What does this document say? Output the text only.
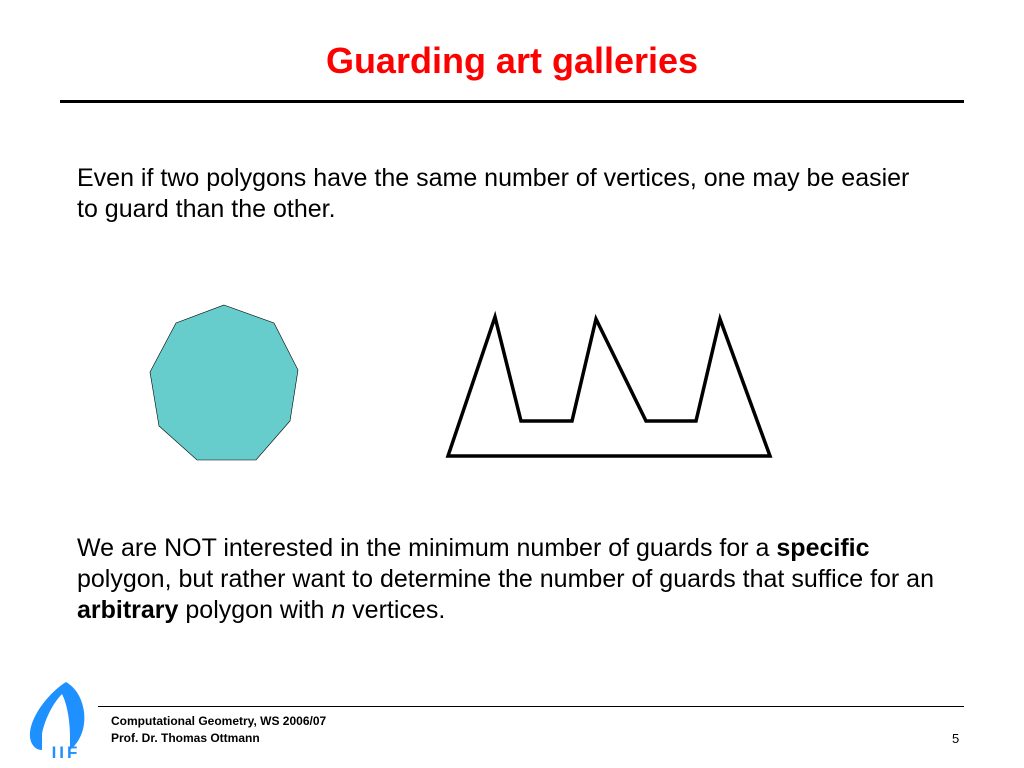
Guarding art galleries
Even if two polygons have the same number of vertices, one may be easier to guard than the other.
We are NOT interested in the minimum number of guards for a specific polygon, but rather want to determine the number of guards that suffice for an arbitrary polygon with n vertices.
IIF
Computational Geometry, WS 2006/07
Prof. Dr. Thomas Ottmann	5
